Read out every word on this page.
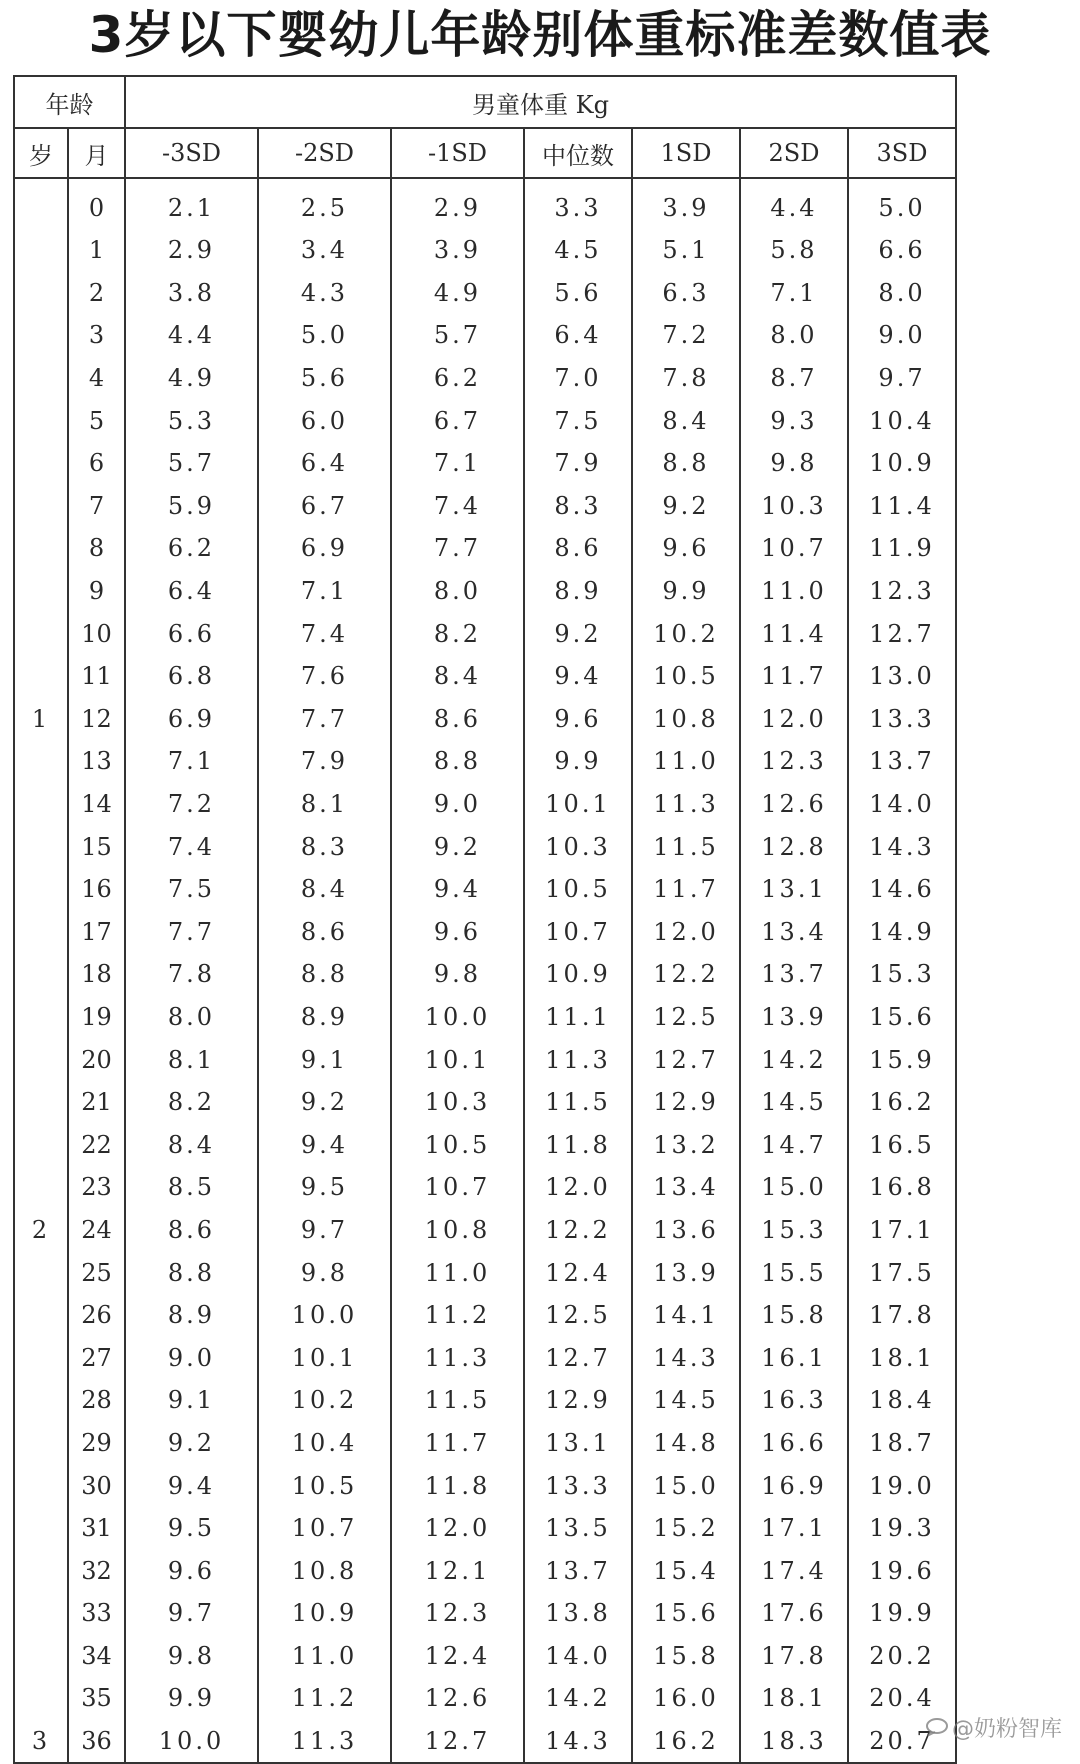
3岁以下婴幼儿年龄别体重标准差数值表
年龄		男童体重 Kg						
岁	月	-3SD	-2SD	-1SD	中位数	1SD	2SD	3SD
	0	2.1	2.5	2.9	3.3	3.9	4.4	5.0
	1	2.9	3.4	3.9	4.5	5.1	5.8	6.6
	2	3.8	4.3	4.9	5.6	6.3	7.1	8.0
	3	4.4	5.0	5.7	6.4	7.2	8.0	9.0
	4	4.9	5.6	6.2	7.0	7.8	8.7	9.7
	5	5.3	6.0	6.7	7.5	8.4	9.3	10.4
	6	5.7	6.4	7.1	7.9	8.8	9.8	10.9
	7	5.9	6.7	7.4	8.3	9.2	10.3	11.4
	8	6.2	6.9	7.7	8.6	9.6	10.7	11.9
	9	6.4	7.1	8.0	8.9	9.9	11.0	12.3
	10	6.6	7.4	8.2	9.2	10.2	11.4	12.7
	11	6.8	7.6	8.4	9.4	10.5	11.7	13.0
1	12	6.9	7.7	8.6	9.6	10.8	12.0	13.3
	13	7.1	7.9	8.8	9.9	11.0	12.3	13.7
	14	7.2	8.1	9.0	10.1	11.3	12.6	14.0
	15	7.4	8.3	9.2	10.3	11.5	12.8	14.3
	16	7.5	8.4	9.4	10.5	11.7	13.1	14.6
	17	7.7	8.6	9.6	10.7	12.0	13.4	14.9
	18	7.8	8.8	9.8	10.9	12.2	13.7	15.3
	19	8.0	8.9	10.0	11.1	12.5	13.9	15.6
	20	8.1	9.1	10.1	11.3	12.7	14.2	15.9
	21	8.2	9.2	10.3	11.5	12.9	14.5	16.2
	22	8.4	9.4	10.5	11.8	13.2	14.7	16.5
	23	8.5	9.5	10.7	12.0	13.4	15.0	16.8
2	24	8.6	9.7	10.8	12.2	13.6	15.3	17.1
	25	8.8	9.8	11.0	12.4	13.9	15.5	17.5
	26	8.9	10.0	11.2	12.5	14.1	15.8	17.8
	27	9.0	10.1	11.3	12.7	14.3	16.1	18.1
	28	9.1	10.2	11.5	12.9	14.5	16.3	18.4
	29	9.2	10.4	11.7	13.1	14.8	16.6	18.7
	30	9.4	10.5	11.8	13.3	15.0	16.9	19.0
	31	9.5	10.7	12.0	13.5	15.2	17.1	19.3
	32	9.6	10.8	12.1	13.7	15.4	17.4	19.6
	33	9.7	10.9	12.3	13.8	15.6	17.6	19.9
	34	9.8	11.0	12.4	14.0	15.8	17.8	20.2
	35	9.9	11.2	12.6	14.2	16.0	18.1	20.4
3	36	10.0	11.3	12.7	14.3	16.2	18.3	20.7 @奶粉智库
